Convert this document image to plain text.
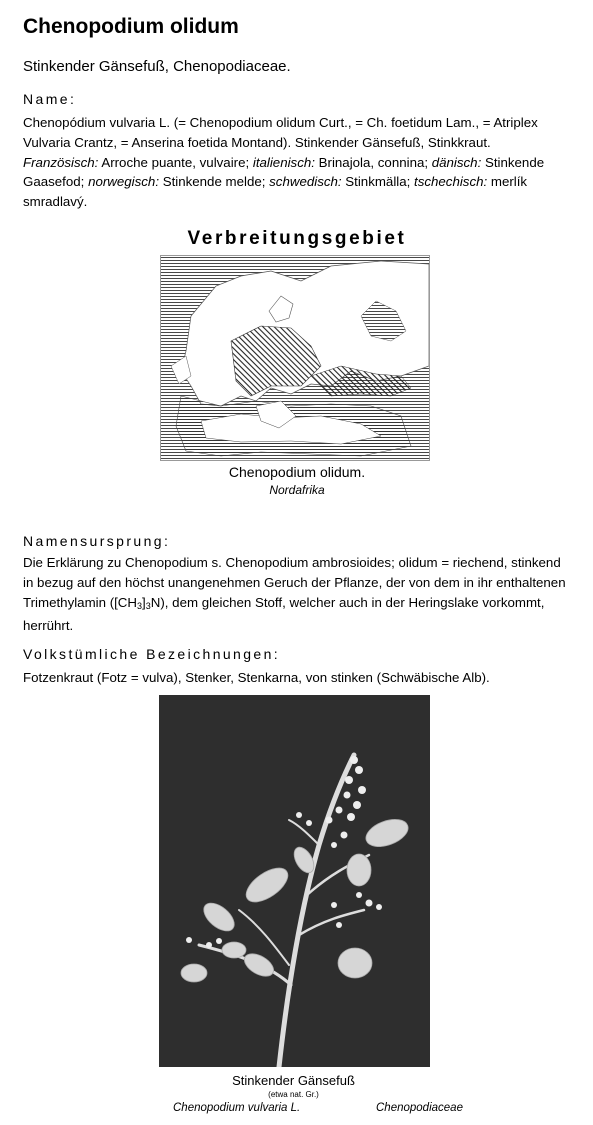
Chenopodium olidum
Stinkender Gänsefuß, Chenopodiaceae.
Name:
Chenopódium vulvaria L. (= Chenopodium olidum Curt., = Ch. foetidum Lam., = Atriplex Vulvaria Crantz, = Anserina foetida Montand). Stinkender Gänsefuß, Stinkkraut. Französisch: Arroche puante, vulvaire; italienisch: Brinajola, connina; dänisch: Stinkende Gaasefod; norwegisch: Stinkende melde; schwedisch: Stinkmälla; tschechisch: merlík smradlavý.
Verbreitungsgebiet
Chenopodium olidum.
Nordafrika
Namensursprung:
Die Erklärung zu Chenopodium s. Chenopodium ambrosioides; olidum = riechend, stinkend in bezug auf den höchst unangenehmen Geruch der Pflanze, der von dem in ihr enthaltenen Trimethylamin $([CH_3]_3N)$, dem gleichen Stoff, welcher auch in der Heringslake vorkommt, herrührt.
Volkstümliche Bezeichnungen:
Fotzenkraut (Fotz = vulva), Stenker, Stenkarna, von stinken (Schwäbische Alb).
Stinkender Gänsefuß
(etwa nat. Gr.)
Chenopodium vulvaria L.	Chenopodiaceae
